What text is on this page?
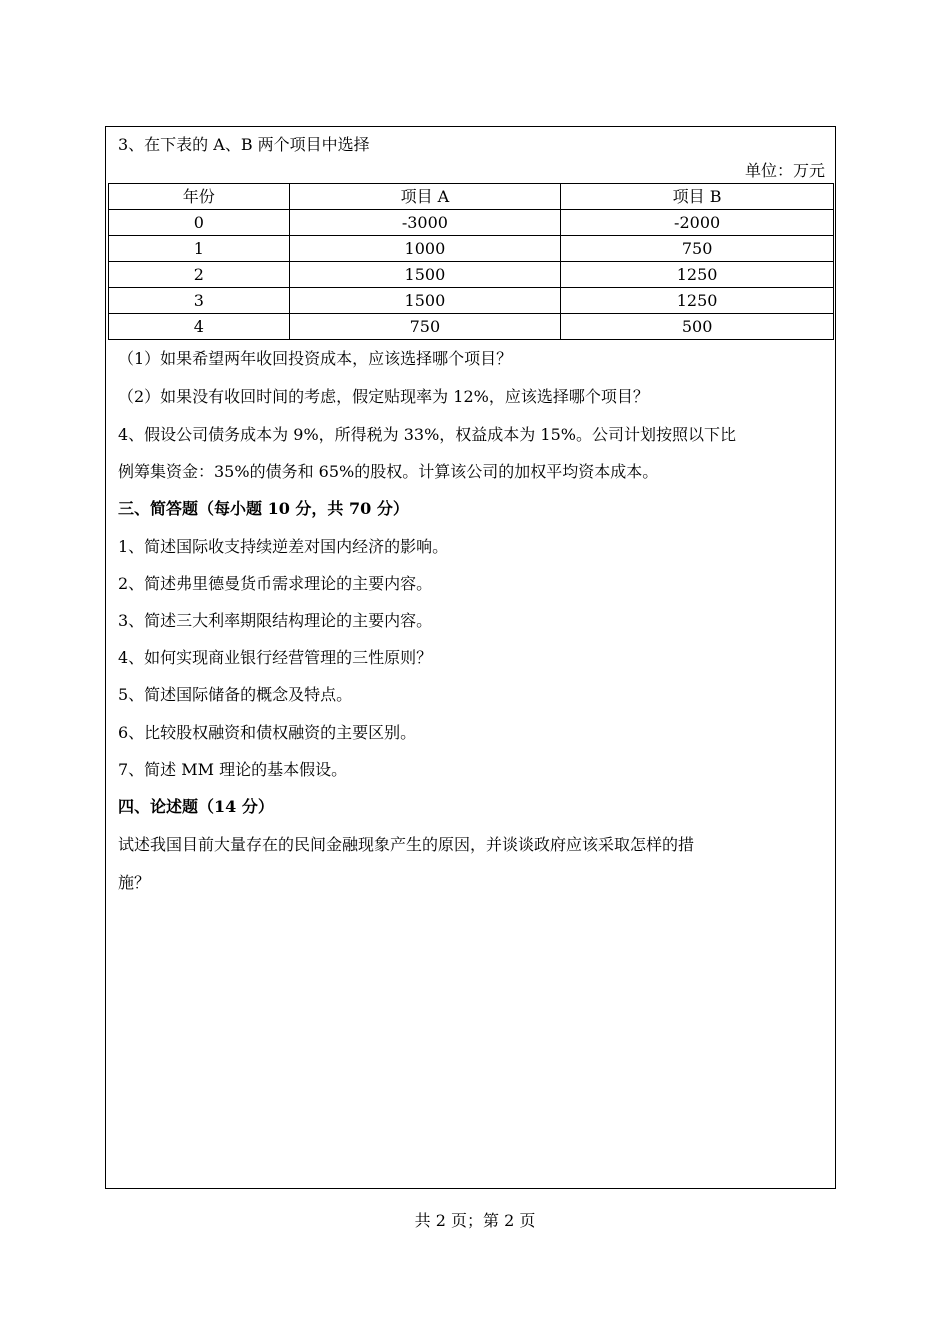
3、在下表的 A、B 两个项目中选择
单位：万元
年份	项目 A	项目 B
0	-3000	-2000
1	1000	750
2	1500	1250
3	1500	1250
4	750	500
（1）如果希望两年收回投资成本，应该选择哪个项目？
（2）如果没有收回时间的考虑，假定贴现率为 12%，应该选择哪个项目？
4、假设公司债务成本为 9%，所得税为 33%，权益成本为 15%。公司计划按照以下比
例筹集资金：35%的债务和 65%的股权。计算该公司的加权平均资本成本。
三、简答题（每小题 10 分，共 70 分）
1、简述国际收支持续逆差对国内经济的影响。
2、简述弗里德曼货币需求理论的主要内容。
3、简述三大利率期限结构理论的主要内容。
4、如何实现商业银行经营管理的三性原则？
5、简述国际储备的概念及特点。
6、比较股权融资和债权融资的主要区别。
7、简述 MM 理论的基本假设。
四、论述题（14 分）
试述我国目前大量存在的民间金融现象产生的原因，并谈谈政府应该采取怎样的措
施？
共 2 页；第 2 页
